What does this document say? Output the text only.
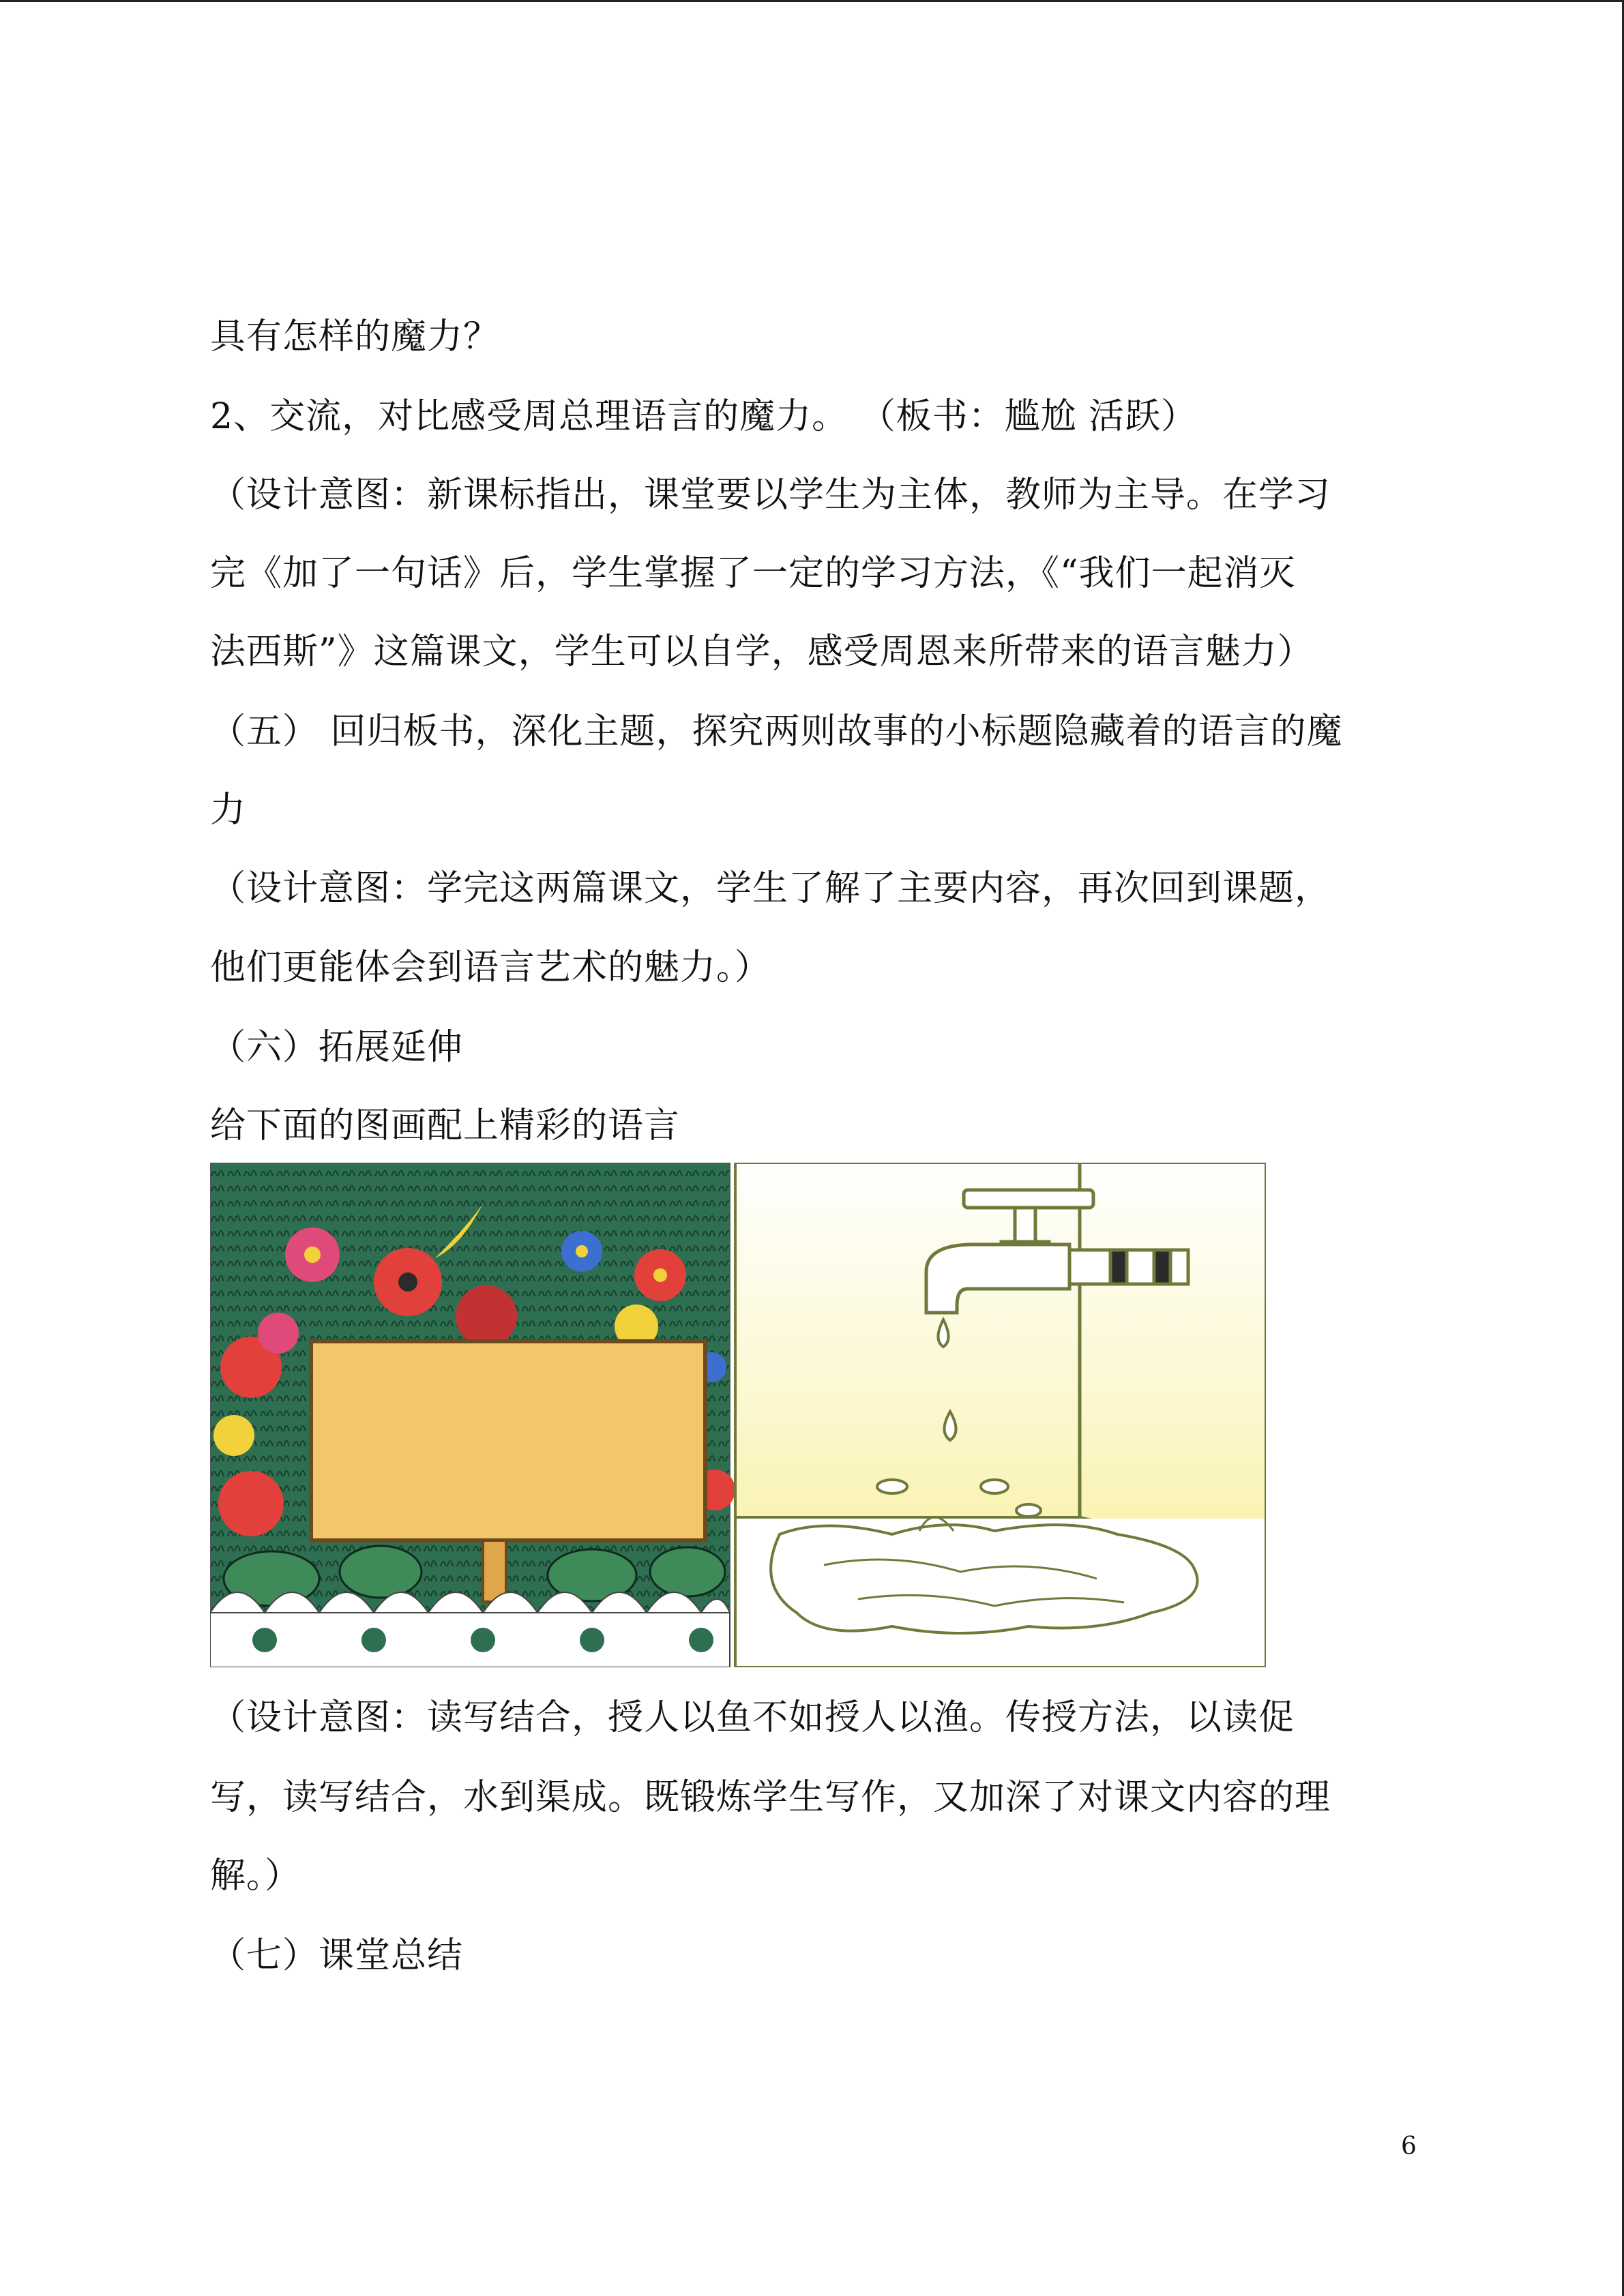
具有怎样的魔力？
2、交流，对比感受周总理语言的魔力。 （板书：尴尬 活跃）
（设计意图：新课标指出，课堂要以学生为主体，教师为主导。在学习
完《加了一句话》后，学生掌握了一定的学习方法，《“我们一起消灭
法西斯”》这篇课文，学生可以自学，感受周恩来所带来的语言魅力）
（五） 回归板书，深化主题，探究两则故事的小标题隐藏着的语言的魔
力
（设计意图：学完这两篇课文，学生了解了主要内容，再次回到课题，
他们更能体会到语言艺术的魅力。）
（六）拓展延伸
给下面的图画配上精彩的语言
（设计意图：读写结合，授人以鱼不如授人以渔。传授方法，以读促
写，读写结合，水到渠成。既锻炼学生写作，又加深了对课文内容的理
解。）
（七）课堂总结
6
